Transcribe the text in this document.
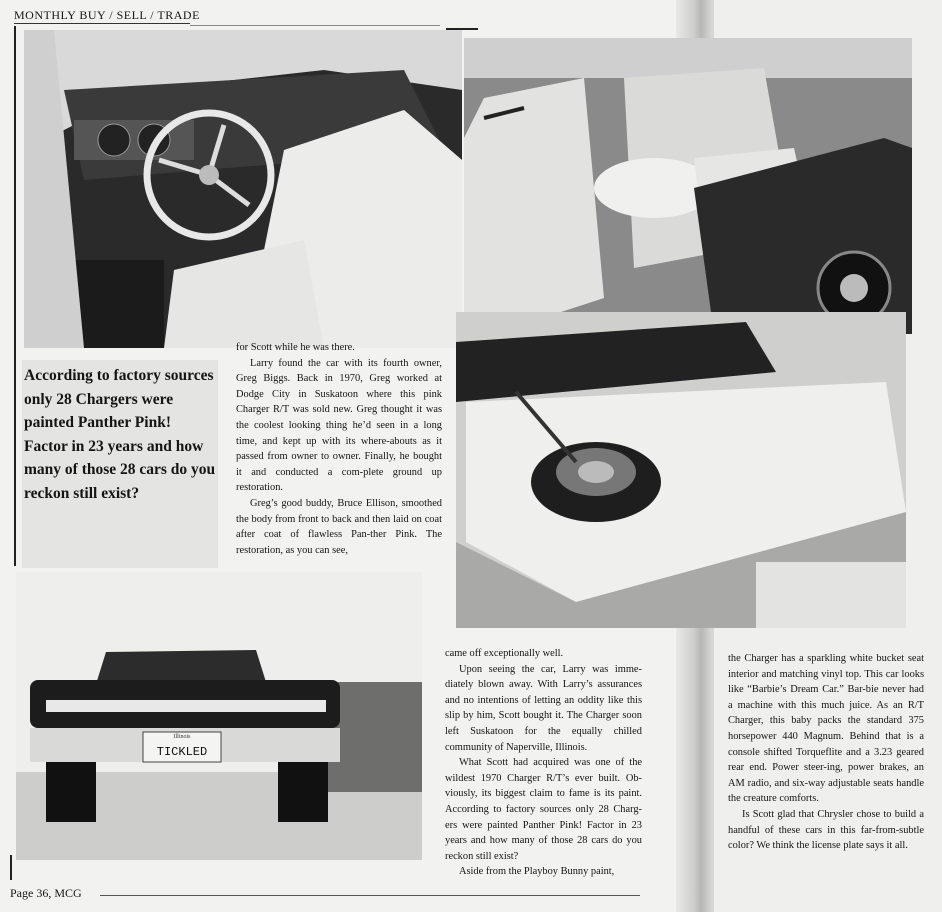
MONTHLY BUY / SELL / TRADE
Illinois
TICKLED

According to factory sources only 28 Chargers were painted Panther Pink! Factor in 23 years and how many of those 28 cars do you reckon still exist?

for Scott while he was there.

Larry found the car with its fourth owner, Greg Biggs. Back in 1970, Greg worked at Dodge City in Suskatoon where this pink Charger R/T was sold new. Greg thought it was the coolest looking thing he’d seen in a long time, and kept up with its where-abouts as it passed from owner to owner. Finally, he bought it and conducted a com-plete ground up restoration.

Greg’s good buddy, Bruce Ellison, smoothed the body from front to back and then laid on coat after coat of flawless Pan-ther Pink. The restoration, as you can see,

came off exceptionally well.

Upon seeing the car, Larry was imme-diately blown away. With Larry’s assurances and no intentions of letting an oddity like this slip by him, Scott bought it. The Charger soon left Suskatoon for the equally chilled community of Naperville, Illinois.

What Scott had acquired was one of the wildest 1970 Charger R/T’s ever built. Ob-viously, its biggest claim to fame is its paint. According to factory sources only 28 Charg-ers were painted Panther Pink! Factor in 23 years and how many of those 28 cars do you reckon still exist?

Aside from the Playboy Bunny paint,

the Charger has a sparkling white bucket seat interior and matching vinyl top. This car looks like “Barbie’s Dream Car.” Bar-bie never had a machine with this much juice. As an R/T Charger, this baby packs the standard 375 horsepower 440 Magnum. Behind that is a console shifted Torqueflite and a 3.23 geared rear end. Power steer-ing, power brakes, an AM radio, and six-way adjustable seats handle the creature comforts.

Is Scott glad that Chrysler chose to build a handful of these cars in this far-from-subtle color? We think the license plate says it all.

Page 36, MCG
